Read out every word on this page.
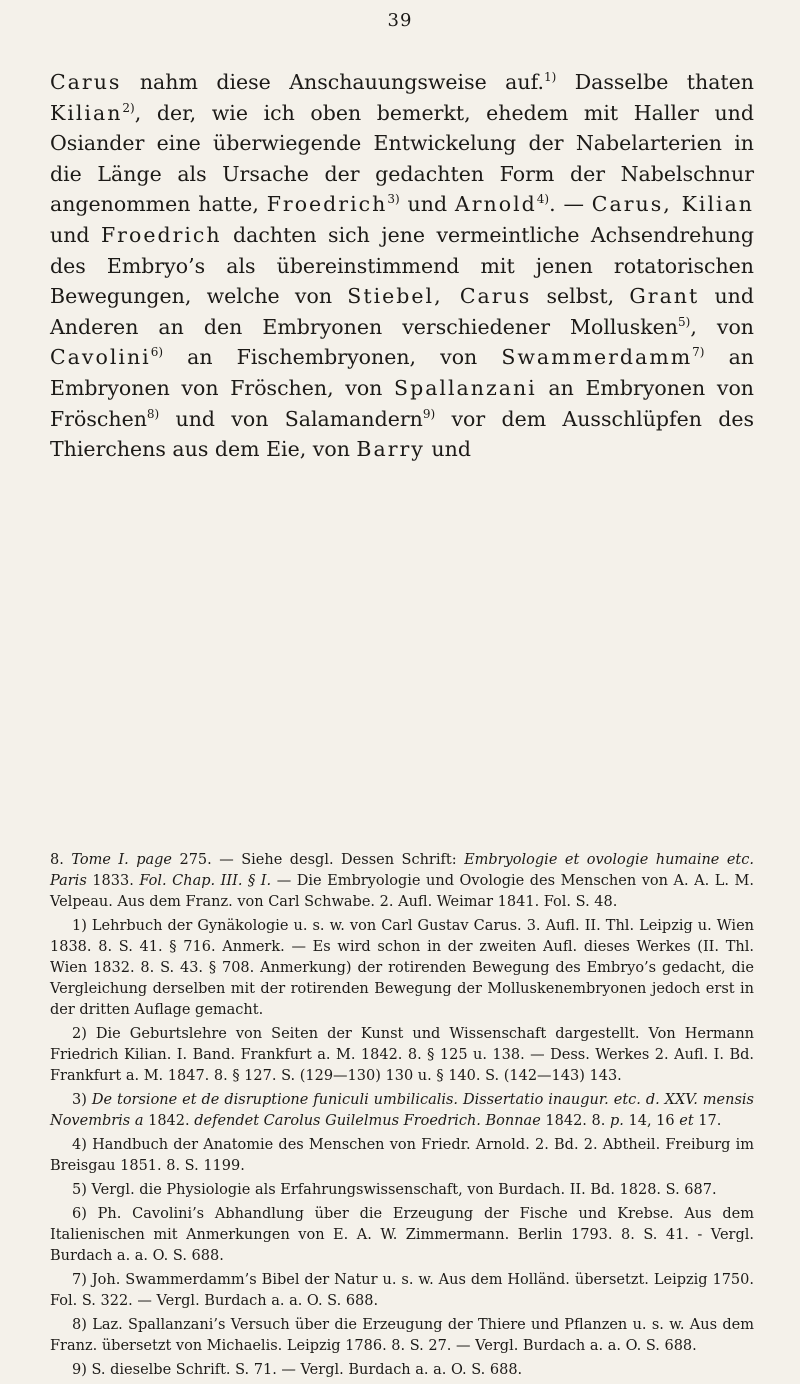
39

Carus nahm diese Anschauungsweise auf.$^{1)}$ Dasselbe thaten Kilian$^{2)}$, der, wie ich oben bemerkt, ehedem mit Haller und Osiander eine überwiegende Entwickelung der Nabelarterien in die Länge als Ursache der gedachten Form der Nabelschnur angenommen hatte, Froedrich$^{3)}$ und Arnold$^{4)}$. — Carus, Kilian und Froedrich dachten sich jene vermeintliche Achsendrehung des Embryo’s als übereinstimmend mit jenen rotatorischen Bewegungen, welche von Stiebel, Carus selbst, Grant und Anderen an den Embryonen verschiedener Mollusken$^{5)}$, von Cavolini$^{6)}$ an Fischembryonen, von Swammerdamm$^{7)}$ an Embryonen von Fröschen, von Spallanzani an Embryonen von Fröschen$^{8)}$ und von Salamandern$^{9)}$ vor dem Ausschlüpfen des Thierchens aus dem Eie, von Barry und

8. Tome I. page 275. — Siehe desgl. Dessen Schrift: Embryologie et ovologie humaine etc. Paris 1833. Fol. Chap. III. § I. — Die Embryologie und Ovologie des Menschen von A. A. L. M. Velpeau. Aus dem Franz. von Carl Schwabe. 2. Aufl. Weimar 1841. Fol. S. 48.

1) Lehrbuch der Gynäkologie u. s. w. von Carl Gustav Carus. 3. Aufl. II. Thl. Leipzig u. Wien 1838. 8. S. 41. § 716. Anmerk. — Es wird schon in der zweiten Aufl. dieses Werkes (II. Thl. Wien 1832. 8. S. 43. § 708. Anmerkung) der rotirenden Bewegung des Embryo’s gedacht, die Vergleichung derselben mit der rotirenden Bewegung der Molluskenembryonen jedoch erst in der dritten Auflage gemacht.

2) Die Geburtslehre von Seiten der Kunst und Wissenschaft dargestellt. Von Hermann Friedrich Kilian. I. Band. Frankfurt a. M. 1842. 8. § 125 u. 138. — Dess. Werkes 2. Aufl. I. Bd. Frankfurt a. M. 1847. 8. § 127. S. (129—130) 130 u. § 140. S. (142—143) 143.

3) De torsione et de disruptione funiculi umbilicalis. Dissertatio inaugur. etc. d. XXV. mensis Novembris a 1842. defendet Carolus Guilelmus Froedrich. Bonnae 1842. 8. p. 14, 16 et 17.

4) Handbuch der Anatomie des Menschen von Friedr. Arnold. 2. Bd. 2. Abtheil. Freiburg im Breisgau 1851. 8. S. 1199.

5) Vergl. die Physiologie als Erfahrungswissenschaft, von Burdach. II. Bd. 1828. S. 687.

6) Ph. Cavolini’s Abhandlung über die Erzeugung der Fische und Krebse. Aus dem Italienischen mit Anmerkungen von E. A. W. Zimmermann. Berlin 1793. 8. S. 41. - Vergl. Burdach a. a. O. S. 688.

7) Joh. Swammerdamm’s Bibel der Natur u. s. w. Aus dem Holländ. übersetzt. Leipzig 1750. Fol. S. 322. — Vergl. Burdach a. a. O. S. 688.

8) Laz. Spallanzani’s Versuch über die Erzeugung der Thiere und Pflanzen u. s. w. Aus dem Franz. übersetzt von Michaelis. Leipzig 1786. 8. S. 27. — Vergl. Burdach a. a. O. S. 688.

9) S. dieselbe Schrift. S. 71. — Vergl. Burdach a. a. O. S. 688.
